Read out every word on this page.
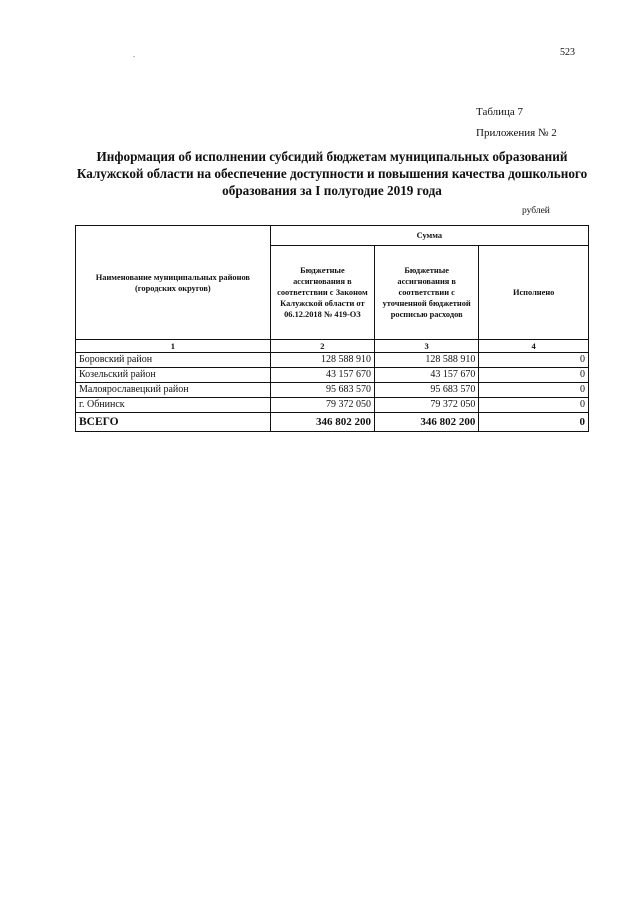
.	523
Таблица 7
Приложения № 2
Информация об исполнении субсидий бюджетам муниципальных образований Калужской области на обеспечение доступности и повышения качества дошкольного образования за I полугодие 2019 года
рублей
Наименование муниципальных районов (городских округов)	Сумма		
	Бюджетные ассигнования в соответствии с Законом Калужской области от 06.12.2018 № 419-ОЗ	Бюджетные ассигнования в соответствии с уточненной бюджетной росписью расходов	Исполнено
1	2	3	4
Боровский район	128 588 910	128 588 910	0
Козельский район	43 157 670	43 157 670	0
Малоярославецкий район	95 683 570	95 683 570	0
г. Обнинск	79 372 050	79 372 050	0
ВСЕГО	346 802 200	346 802 200	0
